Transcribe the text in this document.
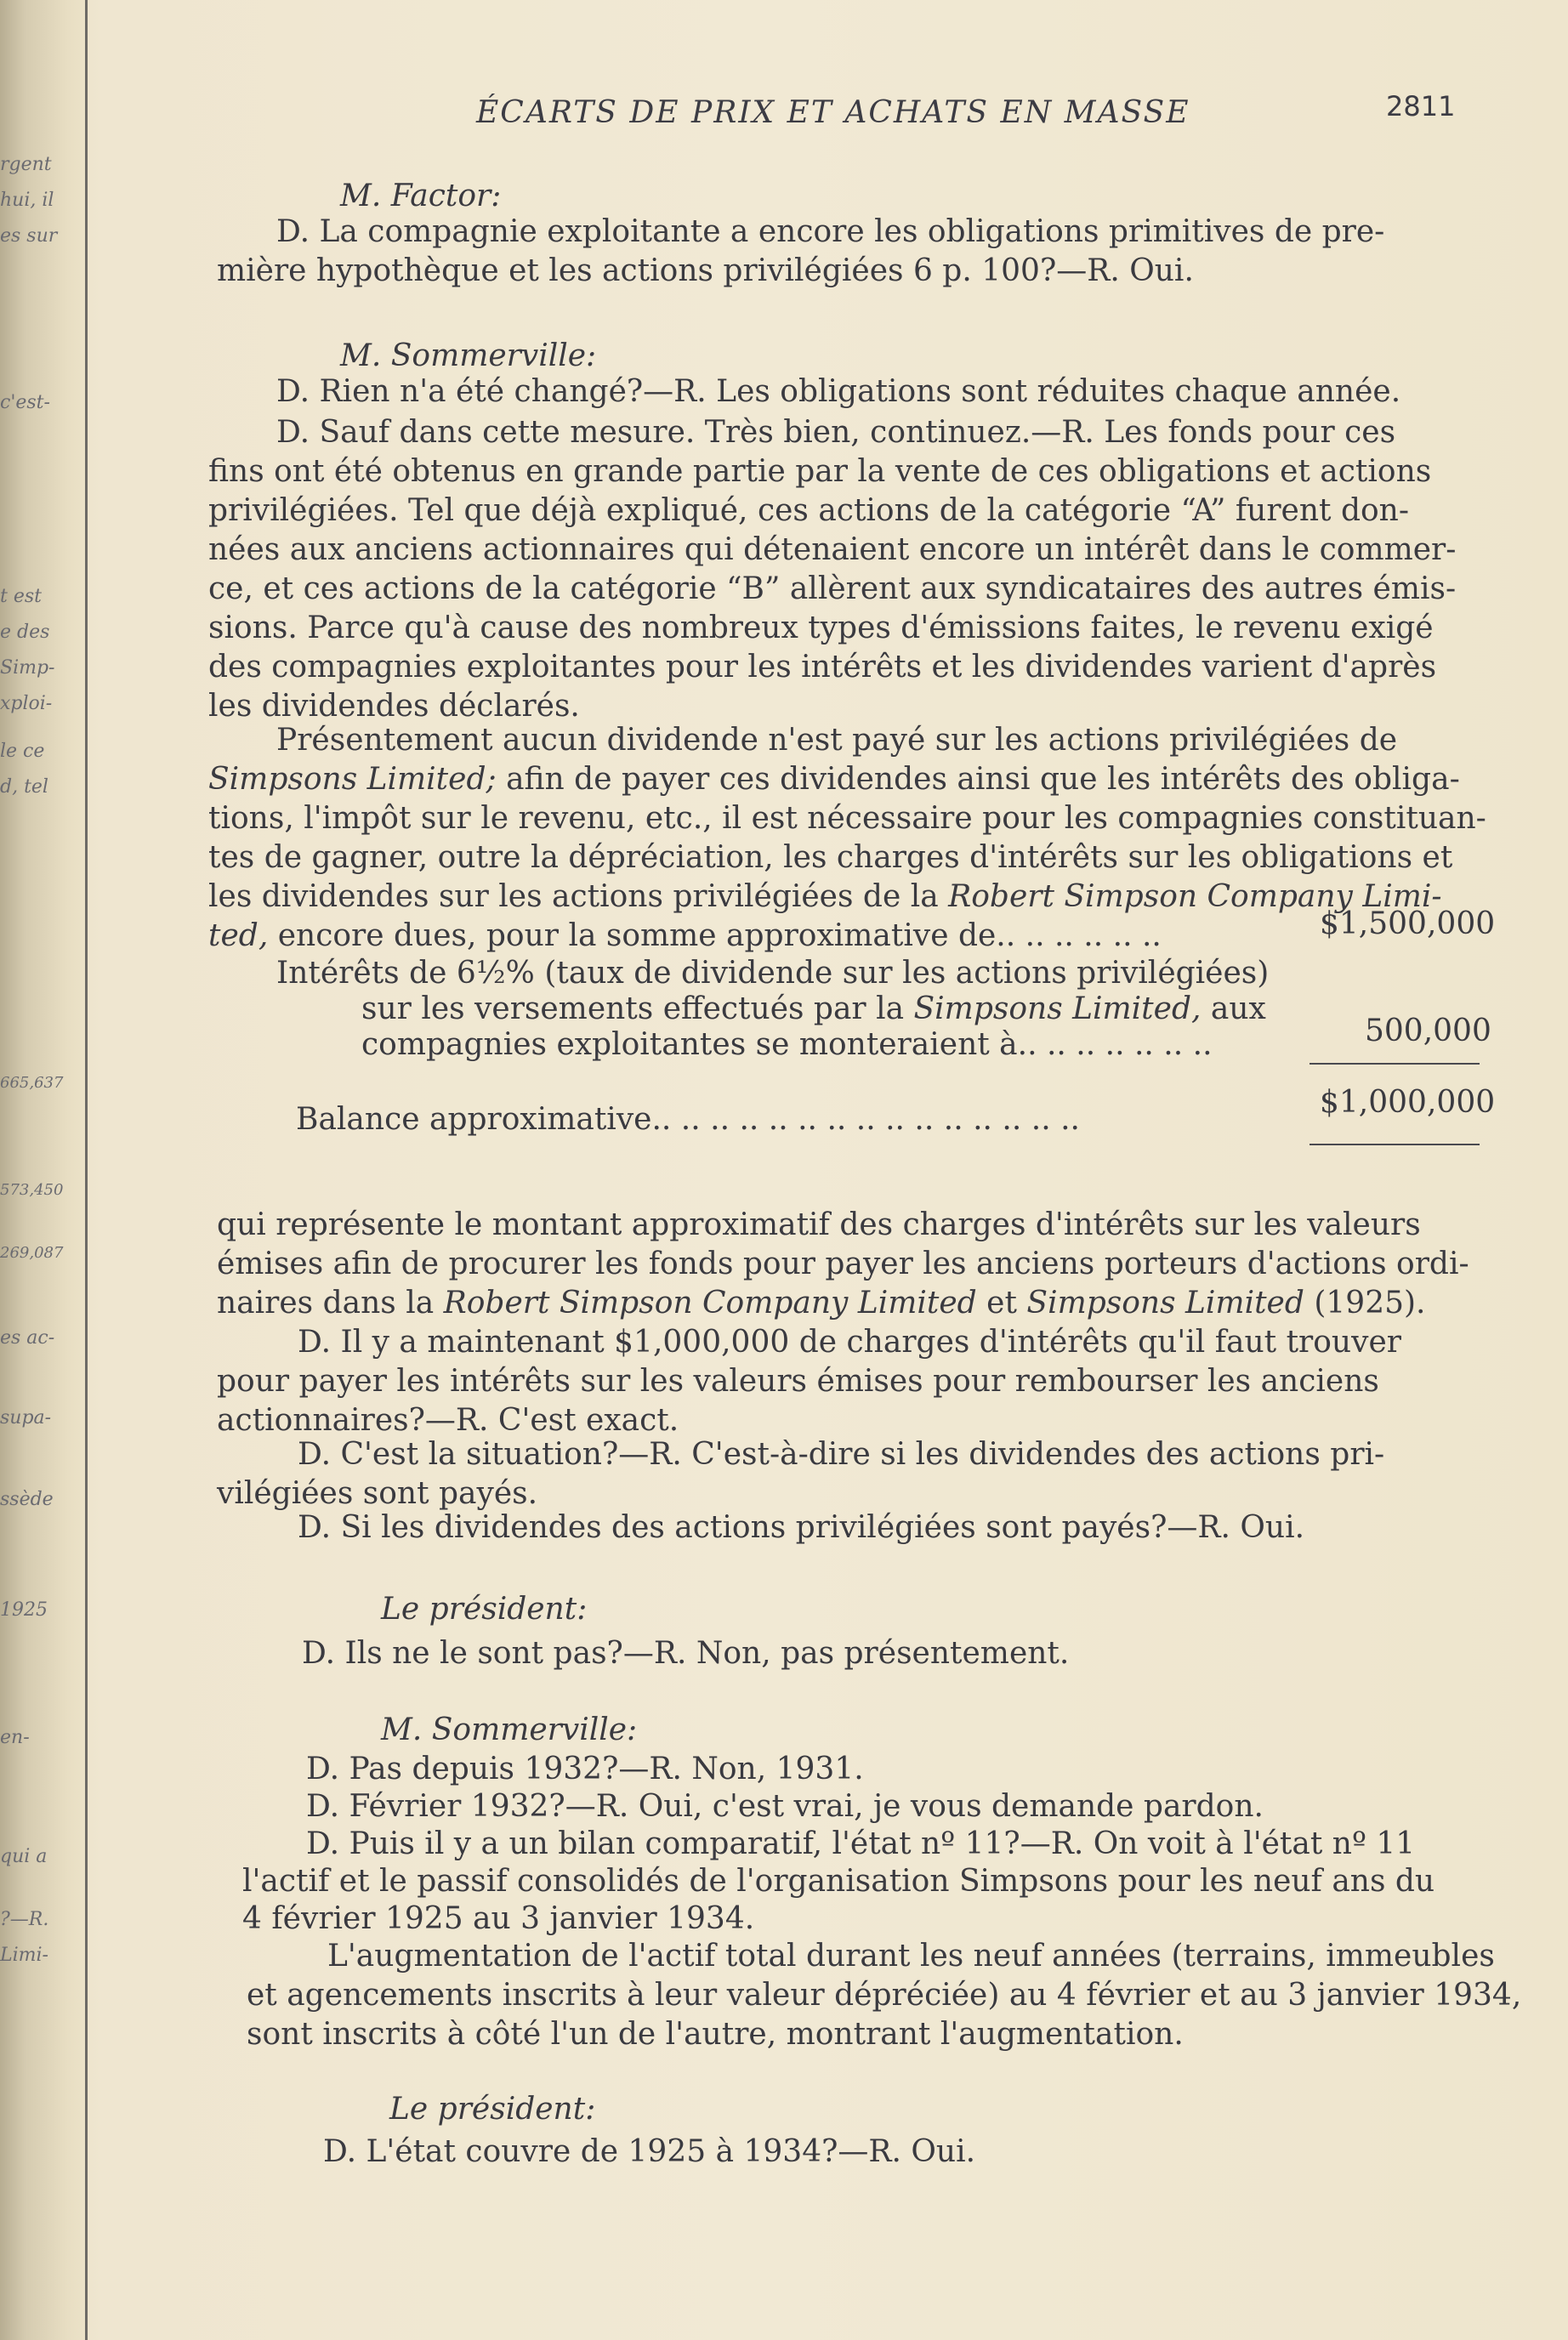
rgent
hui, il
es sur
c'est-
t est
e des
Simp-
xploi-
le ce
d, tel
665,637
573,450
269,087
es ac-
supa-
ssède
1925
en-
qui a
?—R.
Limi-
ÉCARTS DE PRIX ET ACHATS EN MASSE	2811
M. Factor:
D. La compagnie exploitante a encore les obligations primitives de pre-
mière hypothèque et les actions privilégiées 6 p. 100?—R. Oui.
M. Sommerville:
D. Rien n'a été changé?—R. Les obligations sont réduites chaque année.
D. Sauf dans cette mesure. Très bien, continuez.—R. Les fonds pour ces
fins ont été obtenus en grande partie par la vente de ces obligations et actions
privilégiées. Tel que déjà expliqué, ces actions de la catégorie “A” furent don-
nées aux anciens actionnaires qui détenaient encore un intérêt dans le commer-
ce, et ces actions de la catégorie “B” allèrent aux syndicataires des autres émis-
sions. Parce qu'à cause des nombreux types d'émissions faites, le revenu exigé
des compagnies exploitantes pour les intérêts et les dividendes varient d'après
les dividendes déclarés.
Présentement aucun dividende n'est payé sur les actions privilégiées de
Simpsons Limited; afin de payer ces dividendes ainsi que les intérêts des obliga-
tions, l'impôt sur le revenu, etc., il est nécessaire pour les compagnies constituan-
tes de gagner, outre la dépréciation, les charges d'intérêts sur les obligations et
les dividendes sur les actions privilégiées de la Robert Simpson Company Limi-
ted, encore dues, pour la somme approximative de.. .. .. .. .. ..	$1,500,000
Intérêts de 6½% (taux de dividende sur les actions privilégiées)
sur les versements effectués par la Simpsons Limited, aux
compagnies exploitantes se monteraient à.. .. .. .. .. .. ..	500,000
Balance approximative.. .. .. .. .. .. .. .. .. .. .. .. .. .. ..	$1,000,000
qui représente le montant approximatif des charges d'intérêts sur les valeurs
émises afin de procurer les fonds pour payer les anciens porteurs d'actions ordi-
naires dans la Robert Simpson Company Limited et Simpsons Limited (1925).
D. Il y a maintenant $1,000,000 de charges d'intérêts qu'il faut trouver
pour payer les intérêts sur les valeurs émises pour rembourser les anciens
actionnaires?—R. C'est exact.
D. C'est la situation?—R. C'est-à-dire si les dividendes des actions pri-
vilégiées sont payés.
D. Si les dividendes des actions privilégiées sont payés?—R. Oui.
Le président:
D. Ils ne le sont pas?—R. Non, pas présentement.
M. Sommerville:
D. Pas depuis 1932?—R. Non, 1931.
D. Février 1932?—R. Oui, c'est vrai, je vous demande pardon.
D. Puis il y a un bilan comparatif, l'état nº 11?—R. On voit à l'état nº 11
l'actif et le passif consolidés de l'organisation Simpsons pour les neuf ans du
4 février 1925 au 3 janvier 1934.
L'augmentation de l'actif total durant les neuf années (terrains, immeubles
et agencements inscrits à leur valeur dépréciée) au 4 février et au 3 janvier 1934,
sont inscrits à côté l'un de l'autre, montrant l'augmentation.
Le président:
D. L'état couvre de 1925 à 1934?—R. Oui.
